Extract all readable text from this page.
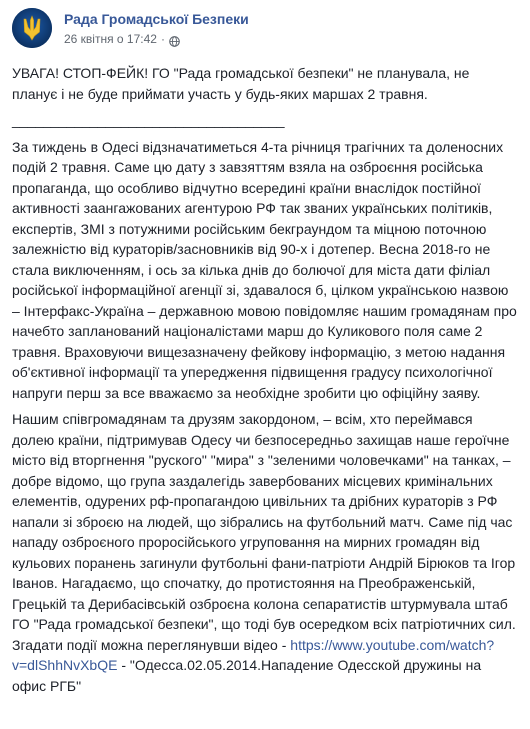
Рада Громадської Безпеки
26 квітня о 17:42 ·

УВАГА! СТОП-ФЕЙК! ГО "Рада громадської безпеки" не планувала, не планує і не буде приймати участь у будь-яких маршах 2 травня.

___________________________________

За тиждень в Одесі відзначатиметься 4-та річниця трагічних та доленосних подій 2 травня. Саме цю дату з завзяттям взяла на озброєння російська пропаганда, що особливо відчутно всередині країни внаслідок постійної активності заангажованих агентурою РФ так званих українських політиків, експертів, ЗМІ з потужними російським бекграундом та міцною поточною залежністю від кураторів/засновників від 90-х і дотепер. Весна 2018-го не стала виключенням, і ось за кілька днів до болючої для міста дати філіал російської інформаційної агенції зі, здавалося б, цілком українською назвою – Інтерфакс-Україна – державною мовою повідомляє нашим громадянам про начебто запланований націоналістами марш до Куликового поля саме 2 травня. Враховуючи вищезазначену фейкову інформацію, з метою надання об'єктивної інформації та упередження підвищення градусу психологічної напруги перш за все вважаємо за необхідне зробити цю офіційну заяву.

Нашим співгромадянам та друзям закордоном, – всім, хто переймався долею країни, підтримував Одесу чи безпосередньо захищав наше героїчне місто від вторгнення "руского" "мира" з "зеленими чоловечками" на танках, – добре відомо, що група заздалегідь завербованих місцевих кримінальних елементів, одурених рф-пропагандою цивільних та дрібних кураторів з РФ напали зі зброєю на людей, що зібрались на футбольний матч. Саме під час нападу озброєного проросійського угруповання на мирних громадян від кульових поранень загинули футбольні фани-патріоти Андрій Бірюков та Ігор Іванов. Нагадаємо, що спочатку, до протистояння на Преображенській, Грецькій та Дерибасівській озброєна колона сепаратистів штурмувала штаб ГО "Рада громадської безпеки", що тоді був осередком всіх патріотичних сил. Згадати події можна переглянувши відео - https://www.youtube.com/watch?v=dlShhNvXbQE - "Одесса.02.05.2014.Нападение Одесской дружины на офис РГБ"
